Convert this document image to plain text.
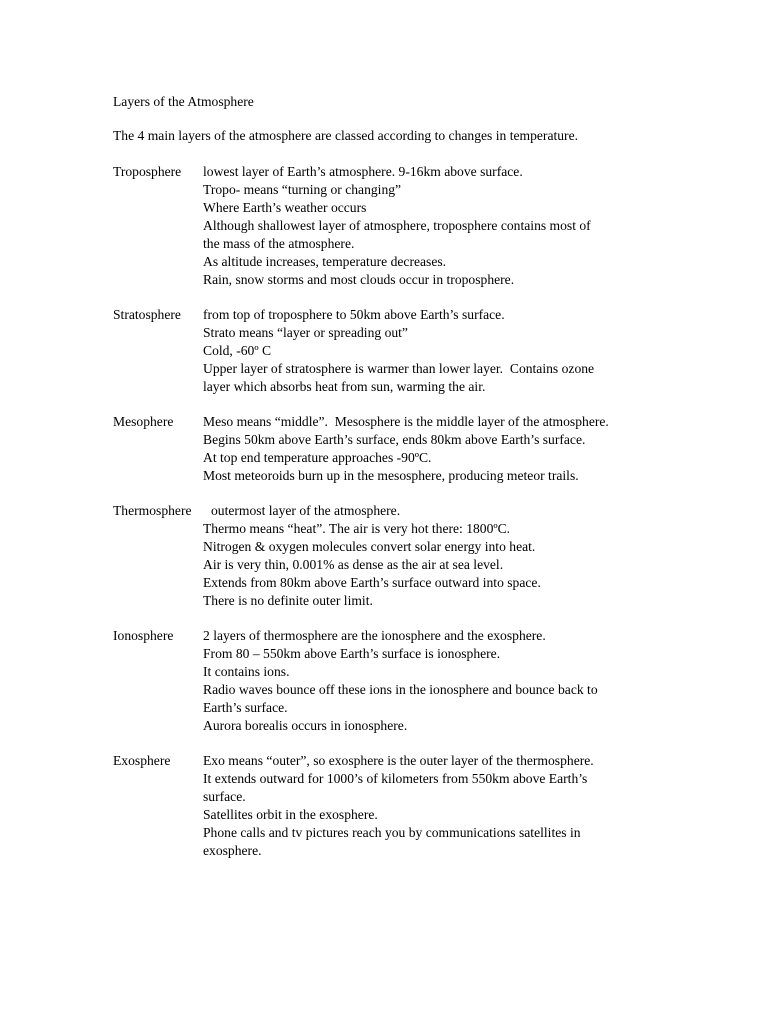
Layers of the Atmosphere

The 4 main layers of the atmosphere are classed according to changes in temperature.

Troposphere	lowest layer of Earth’s atmosphere. 9-16km above surface.
Tropo- means “turning or changing”
Where Earth’s weather occurs
Although shallowest layer of atmosphere, troposphere contains most of
the mass of the atmosphere.
As altitude increases, temperature decreases.
Rain, snow storms and most clouds occur in troposphere.
Stratosphere	from top of troposphere to 50km above Earth’s surface.
Strato means “layer or spreading out”
Cold, -60º C
Upper layer of stratosphere is warmer than lower layer.  Contains ozone
layer which absorbs heat from sun, warming the air.
Mesophere	Meso means “middle”.  Mesosphere is the middle layer of the atmosphere.
Begins 50km above Earth’s surface, ends 80km above Earth’s surface.
At top end temperature approaches -90ºC.
Most meteoroids burn up in the mesosphere, producing meteor trails.
Thermosphere	outermost layer of the atmosphere.
Thermo means “heat”. The air is very hot there: 1800ºC.
Nitrogen & oxygen molecules convert solar energy into heat.
Air is very thin, 0.001% as dense as the air at sea level.
Extends from 80km above Earth’s surface outward into space.
There is no definite outer limit.
Ionosphere	2 layers of thermosphere are the ionosphere and the exosphere.
From 80 – 550km above Earth’s surface is ionosphere.
It contains ions.
Radio waves bounce off these ions in the ionosphere and bounce back to
Earth’s surface.
Aurora borealis occurs in ionosphere.
Exosphere	Exo means “outer”, so exosphere is the outer layer of the thermosphere.
It extends outward for 1000’s of kilometers from 550km above Earth’s
surface.
Satellites orbit in the exosphere.
Phone calls and tv pictures reach you by communications satellites in
exosphere.
